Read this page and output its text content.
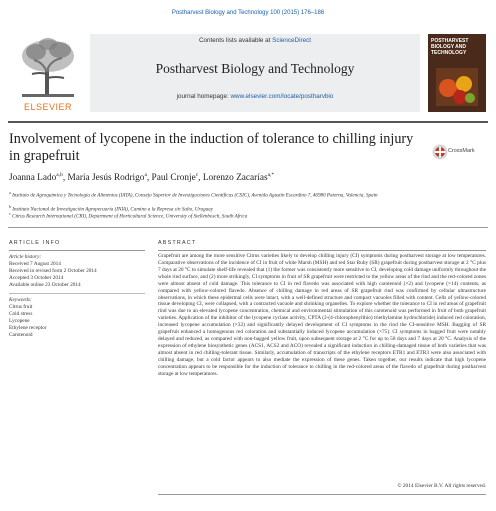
Postharvest Biology and Technology 100 (2015) 176–186
ELSEVIER
Contents lists available at ScienceDirect
Postharvest Biology and Technology
journal homepage: www.elsevier.com/locate/postharvbio
POSTHARVEST BIOLOGY AND TECHNOLOGY
Involvement of lycopene in the induction of tolerance to chilling injury in grapefruit	CrossMark
Joanna Lado$^{a,b}$, María Jesús Rodrigo$^a$, Paul Cronje$^c$, Lorenzo Zacarías$^{a,*}$
$^a$ Instituto de Agroquímica y Tecnología de Alimentos (IATA), Consejo Superior de Investigaciones Científicas (CSIC), Avenida Agustín Escardino 7, 46980 Paterna, Valencia, Spain
$^b$ Instituto Nacional de Investigación Agropecuaria (INIA), Camino a la Represa s/n Salto, Uruguay
$^c$ Citrus Research International (CRI), Department of Horticultural Science, University of Stellenbosch, South Africa
ARTICLE INFO
Article history:
Received 7 August 2014
Received in revised form 2 October 2014
Accepted 3 October 2014
Available online 23 October 2014
Keywords:
Citrus fruit
Cold stress
Lycopene
Ethylene receptor
Carotenoid
ABSTRACT
Grapefruit are among the more sensitive Citrus varieties likely to develop chilling injury (CI) symptoms during postharvest storage at low temperatures. Comparative observations of the incidence of CI in fruit of white Marsh (MSH) and red Star Ruby (SR) grapefruit during postharvest storage at 2 °C plus 7 days at 20 °C to simulate shelf-life revealed that (1) the former was consistently more sensitive to CI, developing cold damage uniformly throughout the whole rind surface, and (2) more strikingly, CI symptoms in fruit of SR grapefruit were restricted to the yellow areas of the rind and the red-colored zones were almost absent of cold damage. This tolerance to CI in red flavedo was associated with high carotenoid (×2) and lycopene (×14) contents, as compared with yellow-colored flavedo. Absence of chilling damage in red areas of SR grapefruit rind was confirmed by cellular ultrastructure observations, in which these epidermal cells were intact, with a well-defined structure and compact vacuoles filled with content. Cells of yellow-colored tissue developing CI, were collapsed, with a contracted vacuole and shrinking organelles. To explore whether the tolerance to CI in red areas of grapefruit rind was due to an elevated lycopene concentration, chemical and environmental stimulation of this carotenoid was performed in fruit of both grapefruit varieties. Application of the inhibitor of the lycopene cyclase activity, CPTA (2-(4-chlorophenylthio) triethylamine hydrochloride) induced red coloration, increased lycopene accumulation (×32) and significantly delayed development of CI symptoms in the rind the CI-sensitive MSH. Bagging of SR grapefruit enhanced a homogenous red coloration and substantially induced lycopene accumulation (×75). CI symptoms in bagged fruit were notably delayed and reduced, as compared with non-bagged yellow fruit, upon subsequent storage at 2 °C for up to 58 days and 7 days at 20 °C. Analysis of the expression of ethylene biosynthetic genes (ACS1, ACS2 and ACO) revealed a significant induction in chilling-damaged tissue of both varieties that was almost absent in red chilling-tolerant tissue. Similarly, accumulation of transcripts of the ethylene receptors ETR1 and ETR3 were also associated with chilling damage, but a cold factor appears to also mediate the expression of these genes. Taken together, our results indicate that high lycopene concentration appears to be responsible for the induction of tolerance to chilling in the red-colored areas of the flavedo of grapefruit during postharvest storage at low temperatures.
© 2014 Elsevier B.V. All rights reserved.
